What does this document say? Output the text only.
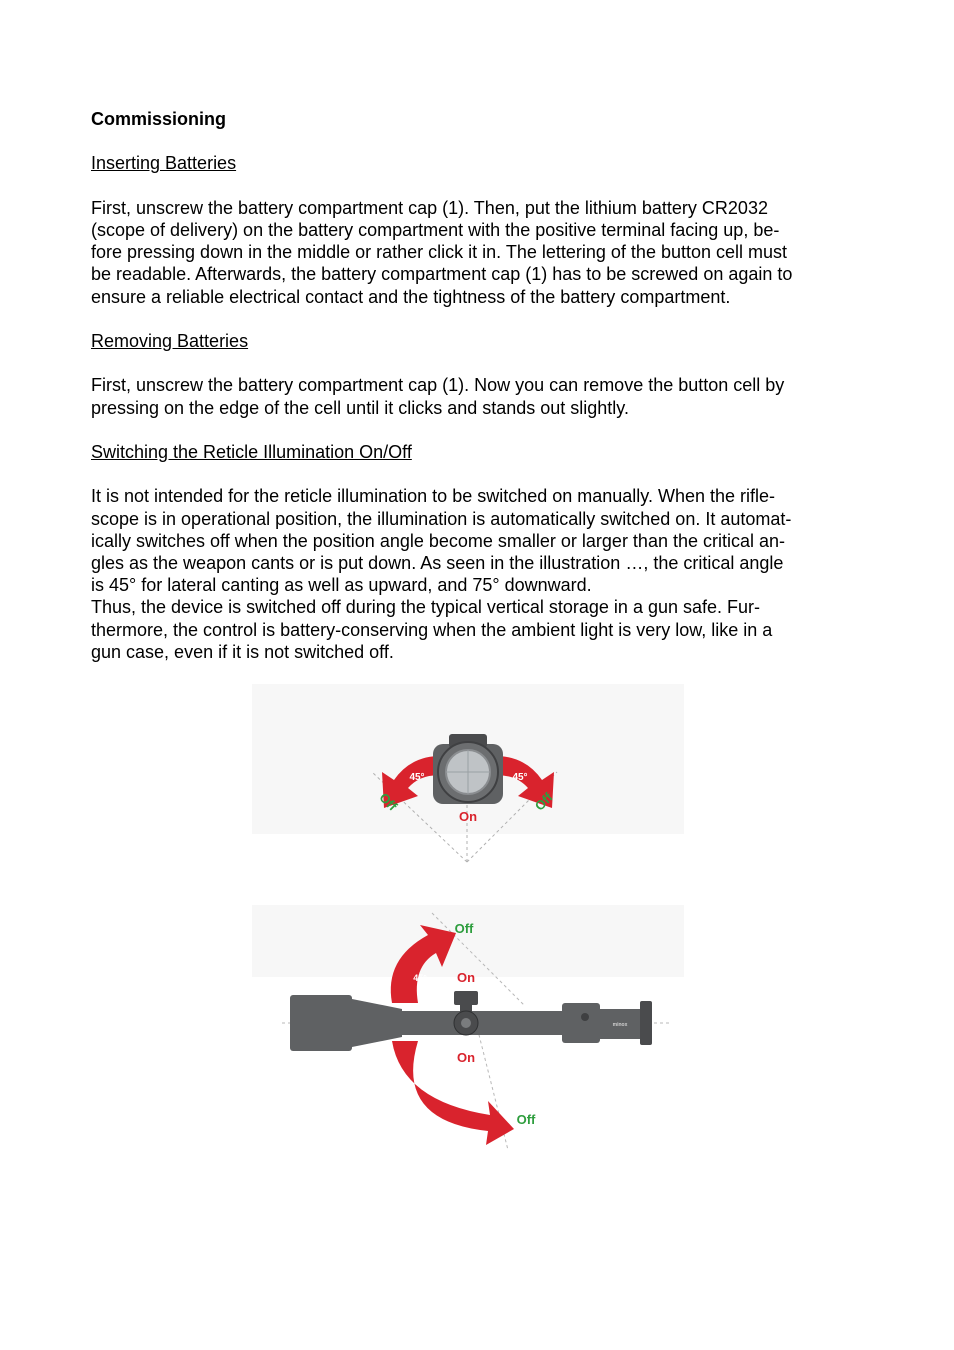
Commissioning

Inserting Batteries

First, unscrew the battery compartment cap (1). Then, put the lithium battery CR2032

(scope of delivery) on the battery compartment with the positive terminal facing up, be-

fore pressing down in the middle or rather click it in. The lettering of the button cell must

be readable. Afterwards, the battery compartment cap (1) has to be screwed on again to

ensure a reliable electrical contact and the tightness of the battery compartment.

Removing Batteries

First, unscrew the battery compartment cap (1). Now you can remove the button cell by

pressing on the edge of the cell until it clicks and stands out slightly.

Switching the Reticle Illumination On/Off

It is not intended for the reticle illumination to be switched on manually. When the rifle-

scope is in operational position, the illumination is automatically switched on. It automat-

ically switches off when the position angle become smaller or larger than the critical an-

gles as the weapon cants or is put down. As seen in the illustration …, the critical angle

is 45° for lateral canting as well as upward, and 75° downward.

Thus, the device is switched off during the typical vertical storage in a gun safe. Fur-

thermore, the control is battery-conserving when the ambient light is very low, like in a

gun case, even if it is not switched off.

45°	45°
Off	Off
On
minox
Off
On
45°
On
75°
Off
